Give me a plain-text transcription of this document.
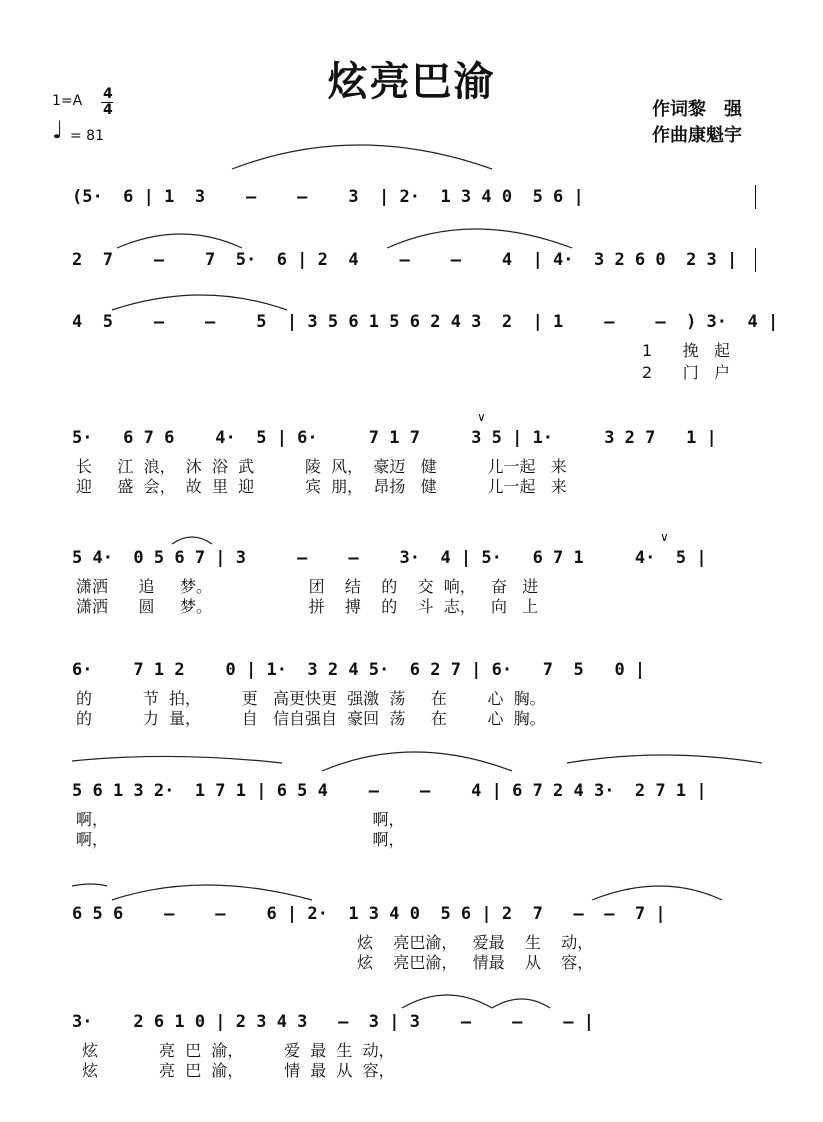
炫亮巴渝
1=A 4
4
♩ = 81
作词黎　强
作曲康魁宇
(5·  6 | 1  3    —    —    3  | 2·  1 3 4 0  5 6 |
2  7    —    7  5·  6 | 2  4    —    —    4  | 4·  3 2 6 0  2 3 |
4  5    —    —    5  | 3 5 6 1 5 6 2 4 3  2  | 1    —    —  ) 3·  4 |
1      挽   起
2      门   户
5·   6 7 6    4·  5 | 6·     7 1 7     3 5 | 1·     3 2 7   1 |
∨
长     江  浪，  沐  浴  武          陵  风，  豪迈   健          儿一起   来
迎     盛  会，  故  里  迎          宾  朋，  昂扬   健          儿一起   来
5 4·  0 5 6 7 | 3     —    —    3·  4 | 5·   6 7 1     4·  5 |
∨
潇洒      追     梦。                   团    结    的    交  响，   奋   进
潇洒      圆     梦。                   拼    搏    的    斗  志，   向   上
6·    7 1 2    0 | 1·  3 2 4 5·  6 2 7 | 6·   7  5   0 |
的          节  拍，        更   高更快更  强激  荡     在        心  胸。
的          力  量，        自   信自强自  豪回  荡     在        心  胸。
5 6 1 3 2·  1 7 1 | 6 5 4    —    —    4 | 6 7 2 4 3·  2 7 1 |
啊，                                                    啊，
啊，                                                    啊，
6 5 6    —    —    6 | 2·  1 3 4 0  5 6 | 2  7   —  —  7 |
炫    亮巴渝，   爱最    生    动，
炫    亮巴渝，   情最    从    容，
3·    2 6 1 0 | 2 3 4 3   —  3 | 3    —    —    — |
炫            亮  巴  渝，        爱  最  生  动，
炫            亮  巴  渝，        情  最  从  容，
